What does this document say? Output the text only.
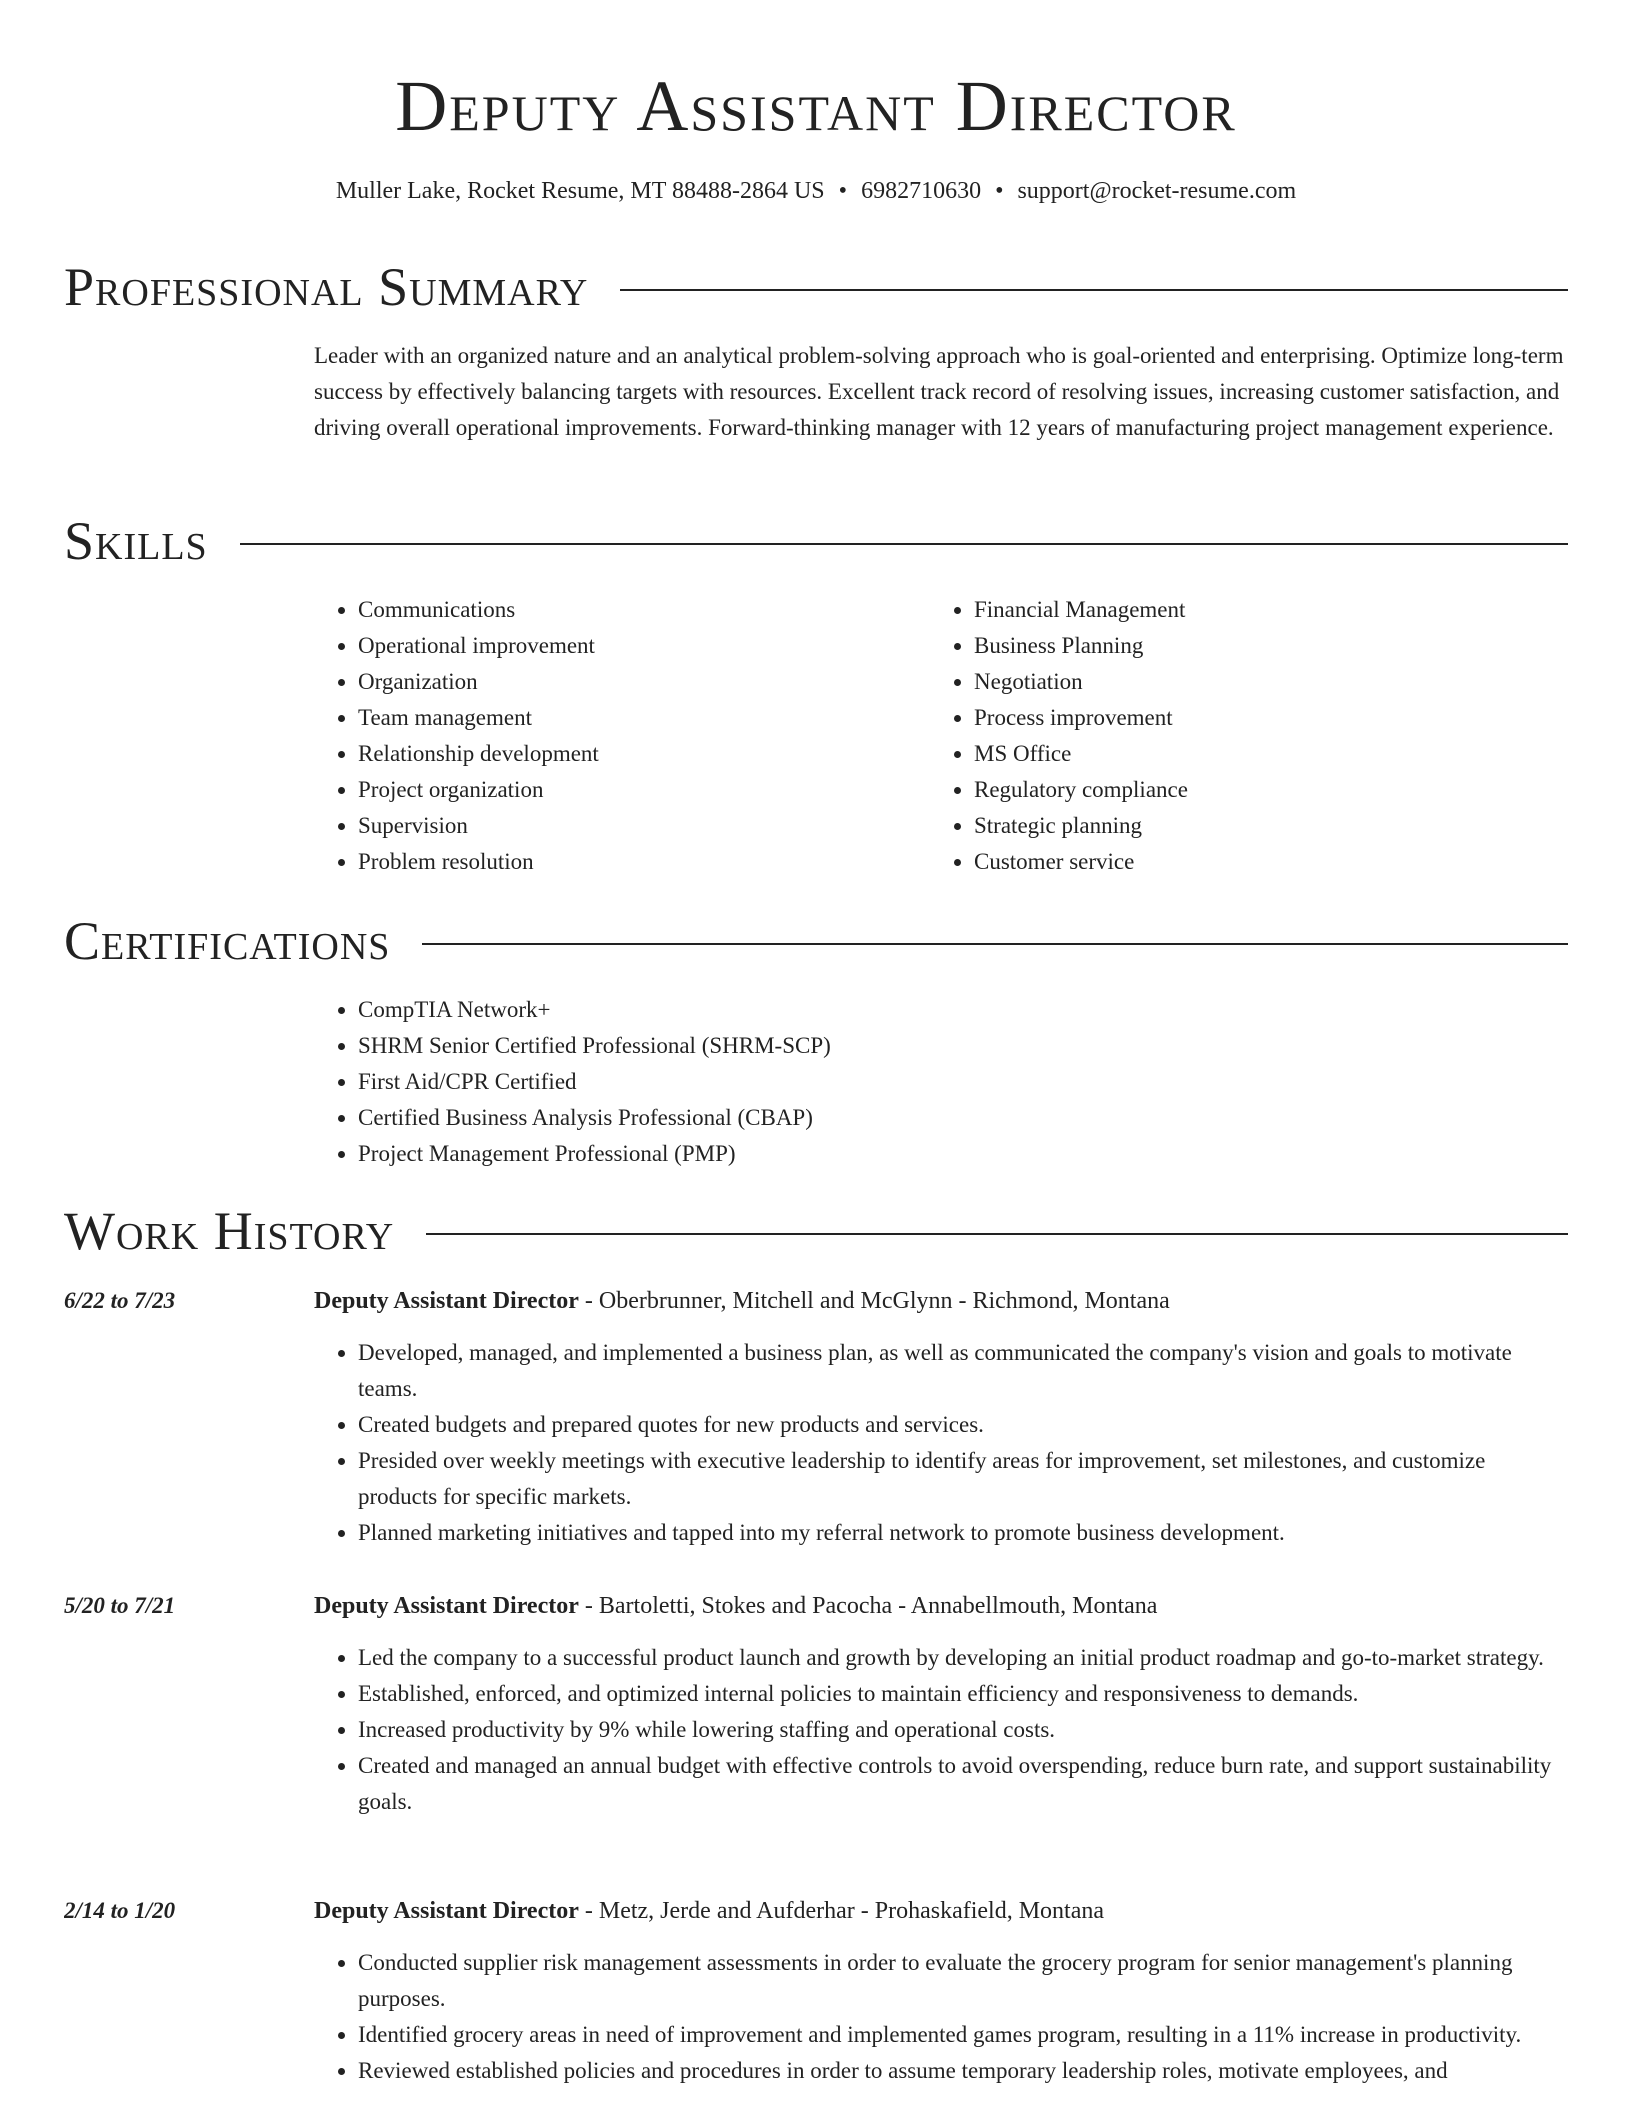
Deputy Assistant Director
Muller Lake, Rocket Resume, MT 88488-2864 US • 6982710630 • support@rocket-resume.com
Professional Summary
Leader with an organized nature and an analytical problem-solving approach who is goal-oriented and enterprising. Optimize long-term success by effectively balancing targets with resources. Excellent track record of resolving issues, increasing customer satisfaction, and driving overall operational improvements. Forward-thinking manager with 12 years of manufacturing project management experience.
Skills
• Communications
• Operational improvement
• Organization
• Team management
• Relationship development
• Project organization
• Supervision
• Problem resolution
• Financial Management
• Business Planning
• Negotiation
• Process improvement
• MS Office
• Regulatory compliance
• Strategic planning
• Customer service
Certifications
• CompTIA Network+
• SHRM Senior Certified Professional (SHRM-SCP)
• First Aid/CPR Certified
• Certified Business Analysis Professional (CBAP)
• Project Management Professional (PMP)
Work History
6/22 to 7/23	Deputy Assistant Director - Oberbrunner, Mitchell and McGlynn - Richmond, Montana
• Developed, managed, and implemented a business plan, as well as communicated the company's vision and goals to motivate teams.
• Created budgets and prepared quotes for new products and services.
• Presided over weekly meetings with executive leadership to identify areas for improvement, set milestones, and customize products for specific markets.
• Planned marketing initiatives and tapped into my referral network to promote business development.
5/20 to 7/21	Deputy Assistant Director - Bartoletti, Stokes and Pacocha - Annabellmouth, Montana
• Led the company to a successful product launch and growth by developing an initial product roadmap and go-to-market strategy.
• Established, enforced, and optimized internal policies to maintain efficiency and responsiveness to demands.
• Increased productivity by 9% while lowering staffing and operational costs.
• Created and managed an annual budget with effective controls to avoid overspending, reduce burn rate, and support sustainability goals.
2/14 to 1/20	Deputy Assistant Director - Metz, Jerde and Aufderhar - Prohaskafield, Montana
• Conducted supplier risk management assessments in order to evaluate the grocery program for senior management's planning purposes.
• Identified grocery areas in need of improvement and implemented games program, resulting in a 11% increase in productivity.
• Reviewed established policies and procedures in order to assume temporary leadership roles, motivate employees, and
